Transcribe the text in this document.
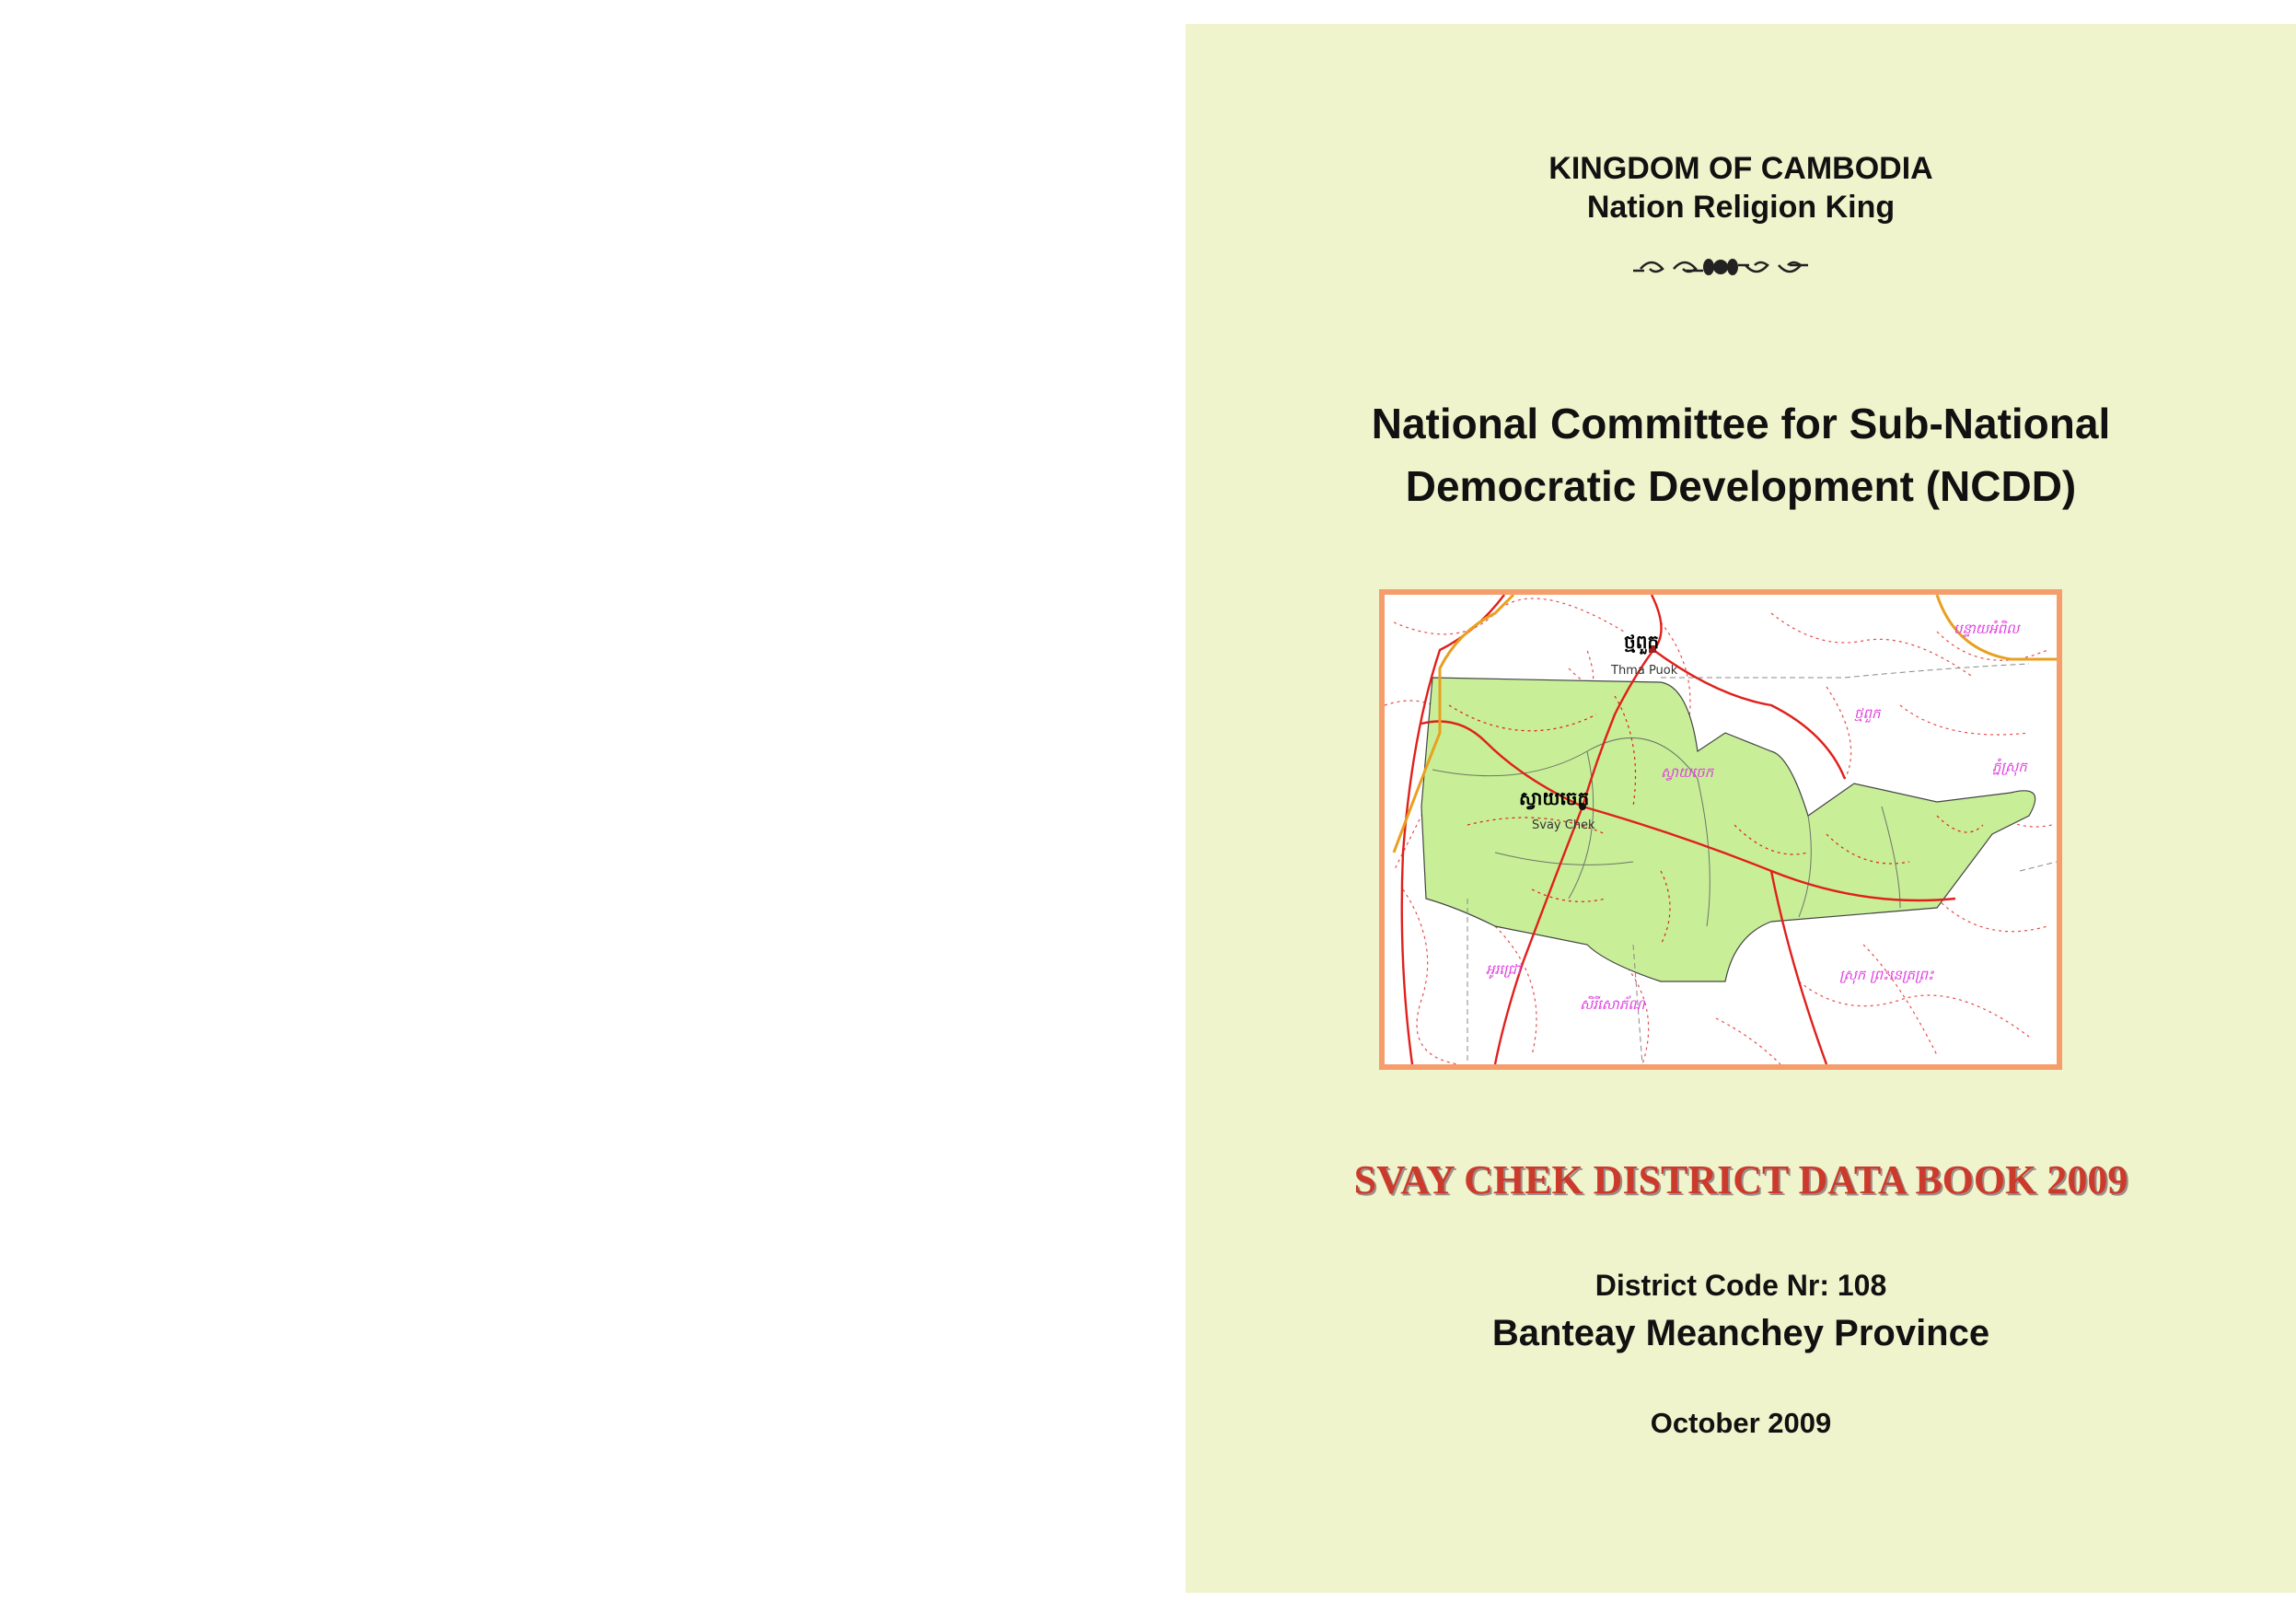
KINGDOM OF CAMBODIA
Nation Religion King
National Committee for Sub-National
Democratic Development (NCDD)
ថ្មពួក
Thma Puok
ស្វាយចេក
Svay Chek
បន្ទាយអំពិល
ថ្មពួក
ស្វាយចេក	ភ្នំស្រុក
អូរជ្រៅ	ស្រុក ព្រះនេត្រព្រះ
សិរីសោភ័ណ
SVAY CHEK DISTRICT DATA BOOK 2009
District Code Nr: 108
Banteay Meanchey Province
October 2009
